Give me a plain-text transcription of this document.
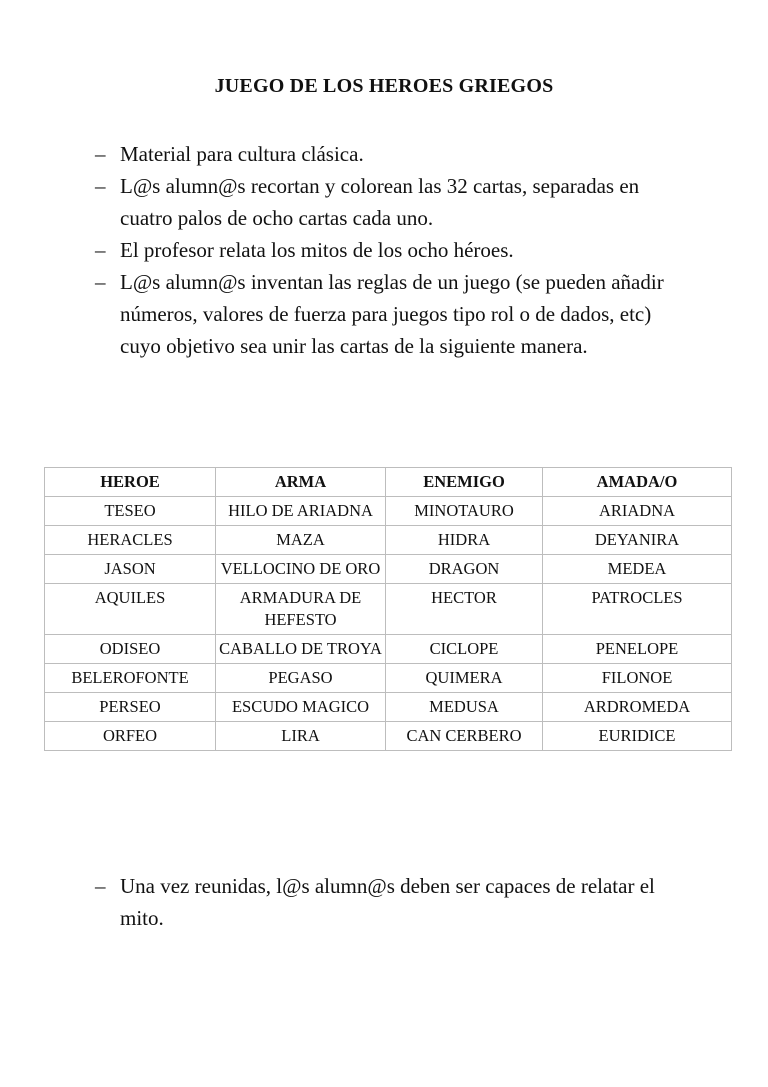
JUEGO DE LOS HEROES GRIEGOS
– Material para cultura clásica.
– L@s alumn@s recortan y colorean las 32 cartas, separadas en cuatro palos de ocho cartas cada uno.
– El profesor relata los mitos de los ocho héroes.
– L@s alumn@s inventan las reglas de un juego (se pueden añadir números, valores de fuerza para juegos tipo rol o de dados, etc) cuyo objetivo sea unir las cartas de la siguiente manera.
HEROE	ARMA	ENEMIGO	AMADA/O
TESEO	HILO DE ARIADNA	MINOTAURO	ARIADNA
HERACLES	MAZA	HIDRA	DEYANIRA
JASON	VELLOCINO DE ORO	DRAGON	MEDEA
AQUILES	ARMADURA DE HEFESTO	HECTOR	PATROCLES
ODISEO	CABALLO DE TROYA	CICLOPE	PENELOPE
BELEROFONTE	PEGASO	QUIMERA	FILONOE
PERSEO	ESCUDO MAGICO	MEDUSA	ARDROMEDA
ORFEO	LIRA	CAN CERBERO	EURIDICE
– Una vez reunidas, l@s alumn@s deben ser capaces de relatar el mito.
